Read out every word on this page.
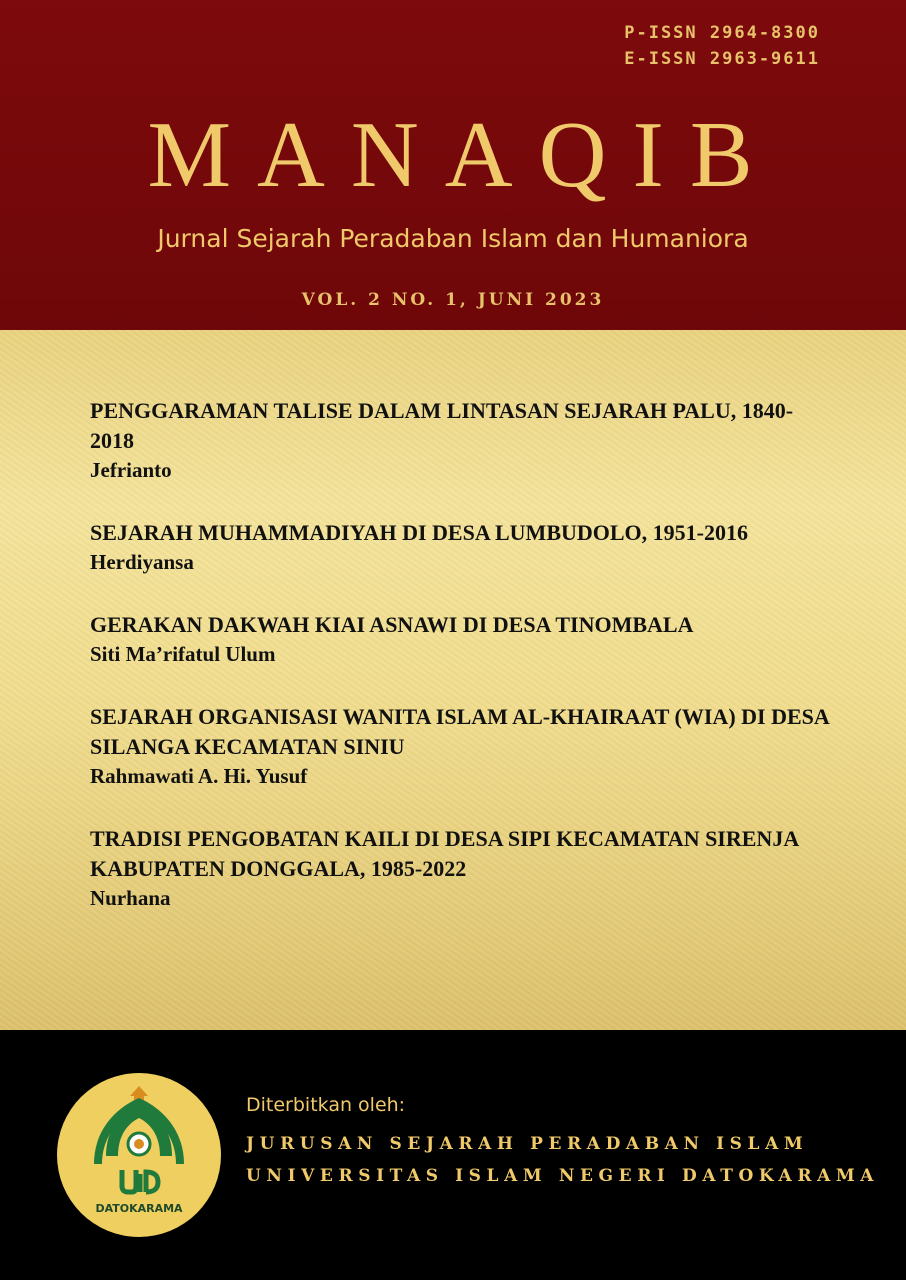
P-ISSN 2964-8300
E-ISSN 2963-9611
MANAQIB
Jurnal Sejarah Peradaban Islam dan Humaniora
VOL. 2 NO. 1, JUNI 2023

PENGGARAMAN TALISE DALAM LINTASAN SEJARAH PALU, 1840-2018

Jefrianto

SEJARAH MUHAMMADIYAH DI DESA LUMBUDOLO, 1951-2016

Herdiyansa

GERAKAN DAKWAH KIAI ASNAWI DI DESA TINOMBALA

Siti Ma’rifatul Ulum

SEJARAH ORGANISASI WANITA ISLAM AL-KHAIRAAT (WIA) DI DESA SILANGA KECAMATAN SINIU

Rahmawati A. Hi. Yusuf

TRADISI PENGOBATAN KAILI DI DESA SIPI KECAMATAN SIRENJA KABUPATEN DONGGALA, 1985-2022

Nurhana

DATOKARAMA
Diterbitkan oleh:
JURUSAN SEJARAH PERADABAN ISLAM
UNIVERSITAS ISLAM NEGERI DATOKARAMA
